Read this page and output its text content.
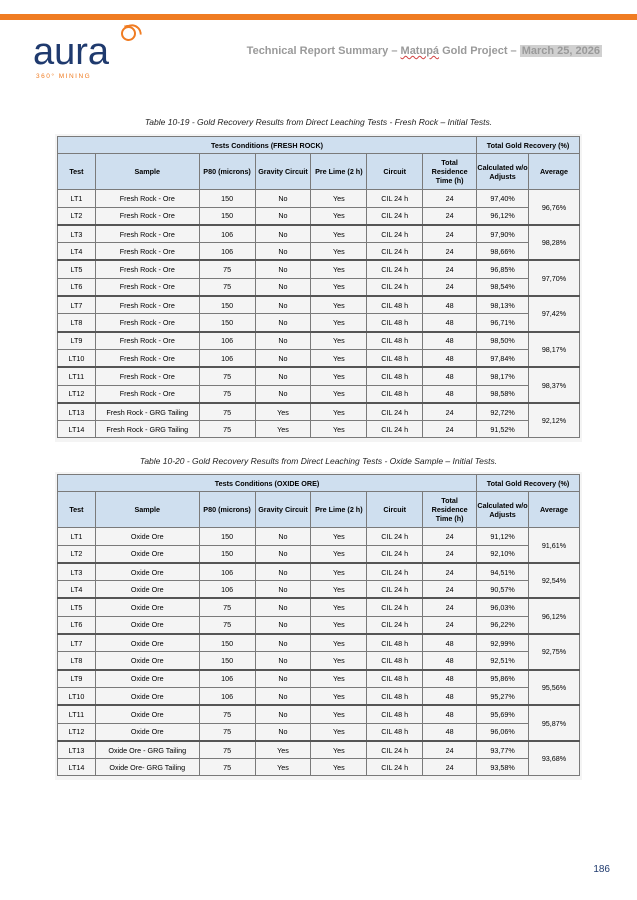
aura
360° MINING
Technical Report Summary – Matupá Gold Project – March 25, 2026
Table 10-19 - Gold Recovery Results from Direct Leaching Tests - Fresh Rock – Initial Tests.
Tests Conditions (FRESH ROCK)							Total Gold Recovery (%)	
Test	Sample	P80 (microns)	Gravity Circuit	Pre Lime (2 h)	Circuit	Total Residence Time (h)	Calculated w/o Adjusts	Average
LT1	Fresh Rock - Ore	150	No	Yes	CIL 24 h	24	97,40%	96,76%
LT2	Fresh Rock - Ore	150	No	Yes	CIL 24 h	24	96,12%	
LT3	Fresh Rock - Ore	106	No	Yes	CIL 24 h	24	97,90%	98,28%
LT4	Fresh Rock - Ore	106	No	Yes	CIL 24 h	24	98,66%	
LT5	Fresh Rock - Ore	75	No	Yes	CIL 24 h	24	96,85%	97,70%
LT6	Fresh Rock - Ore	75	No	Yes	CIL 24 h	24	98,54%	
LT7	Fresh Rock - Ore	150	No	Yes	CIL 48 h	48	98,13%	97,42%
LT8	Fresh Rock - Ore	150	No	Yes	CIL 48 h	48	96,71%	
LT9	Fresh Rock - Ore	106	No	Yes	CIL 48 h	48	98,50%	98,17%
LT10	Fresh Rock - Ore	106	No	Yes	CIL 48 h	48	97,84%	
LT11	Fresh Rock - Ore	75	No	Yes	CIL 48 h	48	98,17%	98,37%
LT12	Fresh Rock - Ore	75	No	Yes	CIL 48 h	48	98,58%	
LT13	Fresh Rock - GRG Tailing	75	Yes	Yes	CIL 24 h	24	92,72%	92,12%
LT14	Fresh Rock - GRG Tailing	75	Yes	Yes	CIL 24 h	24	91,52%	
Table 10-20 - Gold Recovery Results from Direct Leaching Tests - Oxide Sample – Initial Tests.
Tests Conditions (OXIDE ORE)							Total Gold Recovery (%)	
Test	Sample	P80 (microns)	Gravity Circuit	Pre Lime (2 h)	Circuit	Total Residence Time (h)	Calculated w/o Adjusts	Average
LT1	Oxide Ore	150	No	Yes	CIL 24 h	24	91,12%	91,61%
LT2	Oxide Ore	150	No	Yes	CIL 24 h	24	92,10%	
LT3	Oxide Ore	106	No	Yes	CIL 24 h	24	94,51%	92,54%
LT4	Oxide Ore	106	No	Yes	CIL 24 h	24	90,57%	
LT5	Oxide Ore	75	No	Yes	CIL 24 h	24	96,03%	96,12%
LT6	Oxide Ore	75	No	Yes	CIL 24 h	24	96,22%	
LT7	Oxide Ore	150	No	Yes	CIL 48 h	48	92,99%	92,75%
LT8	Oxide Ore	150	No	Yes	CIL 48 h	48	92,51%	
LT9	Oxide Ore	106	No	Yes	CIL 48 h	48	95,86%	95,56%
LT10	Oxide Ore	106	No	Yes	CIL 48 h	48	95,27%	
LT11	Oxide Ore	75	No	Yes	CIL 48 h	48	95,69%	95,87%
LT12	Oxide Ore	75	No	Yes	CIL 48 h	48	96,06%	
LT13	Oxide Ore - GRG Tailing	75	Yes	Yes	CIL 24 h	24	93,77%	93,68%
LT14	Oxide Ore- GRG Tailing	75	Yes	Yes	CIL 24 h	24	93,58%	
186
